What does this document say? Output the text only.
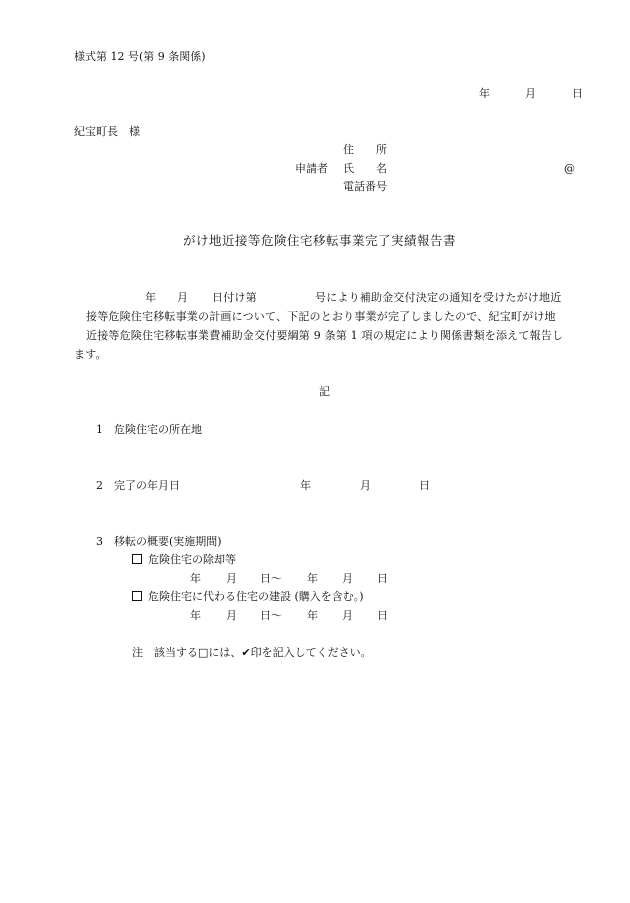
様式第 12 号(第 9 条関係)
年	月	日
紀宝町長　様
住　　所
申請者 氏　　名	@
電話番号
がけ地近接等危険住宅移転事業完了実績報告書
年 月 日付け第	号により補助金交付決定の通知を受けたがけ地近
接等危険住宅移転事業の計画について、下記のとおり事業が完了しましたので、紀宝町がけ地
近接等危険住宅移転事業費補助金交付要綱第 9 条第 1 項の規定により関係書類を添えて報告し
ます。
記
1 危険住宅の所在地
2 完了の年月日	年	月	日
3 移転の概要(実施期間)
危険住宅の除却等
年 月 日〜 年 月 日
危険住宅に代わる住宅の建設 (購入を含む。)
年 月 日〜 年 月 日
注 該当する□には、✔印を記入してください。
